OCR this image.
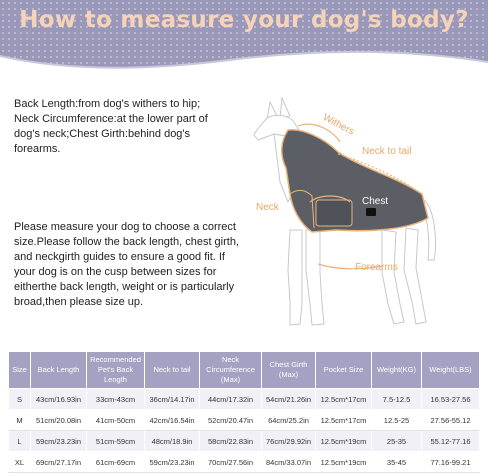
How to measure your dog's body?
Back Length:from dog's withers to hip; Neck Circumference:at the lower part of dog's neck;Chest Girth:behind dog's forearms.
Please measure your dog to choose a correct size.Please follow the back length, chest girth, and neckgirth guides to ensure a good fit. If your dog is on the cusp between sizes for eitherthe back length, weight or is particularly broad,then please size up.
Withers
Neck to tail
Neck
Chest
Forearms
Size	Back Length	Recommended Pet's Back Length	Neck to tail	Neck Circumference (Max)	Chest Girth (Max)	Pocket Size	Weight(KG)	Weight(LBS)
S	43cm/16.93in	33cm-43cm	36cm/14.17in	44cm/17.32in	54cm/21.26in	12.5cm*17cm	7.5-12.5	16.53-27.56
M	51cm/20.08in	41cm-50cm	42cm/16.54in	52cm/20.47in	64cm/25.2in	12.5cm*17cm	12.5-25	27.56-55.12
L	59cm/23.23in	51cm-59cm	48cm/18.9in	58cm/22.83in	76cm/29.92in	12.5cm*19cm	25-35	55.12-77.16
XL	69cm/27.17in	61cm-69cm	59cm/23.23in	70cm/27.56in	84cm/33.07in	12.5cm*19cm	35-45	77.16-99.21
